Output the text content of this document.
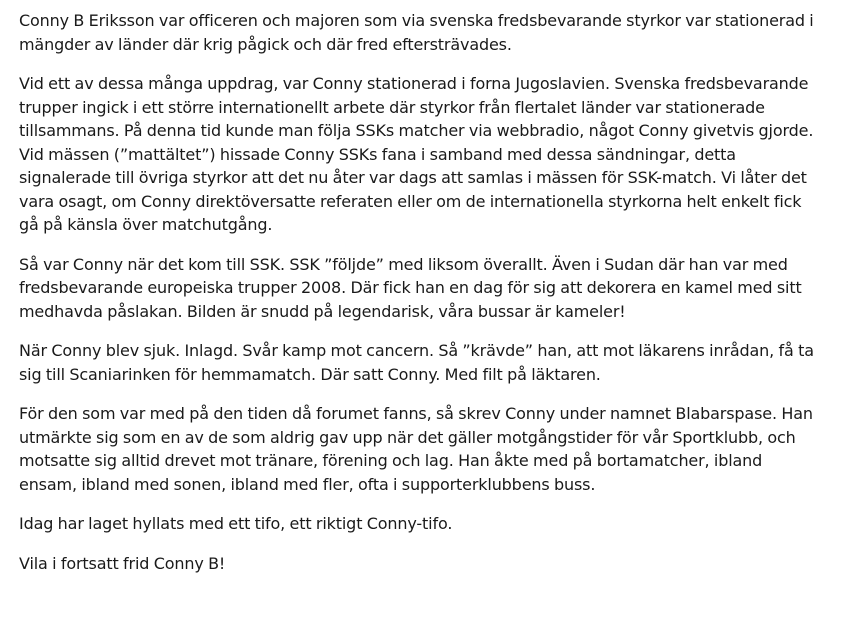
Conny B Eriksson var officeren och majoren som via svenska fredsbevarande styrkor var stationerad i
mängder av länder där krig pågick och där fred eftersträvades.

Vid ett av dessa många uppdrag, var Conny stationerad i forna Jugoslavien. Svenska fredsbevarande
trupper ingick i ett större internationellt arbete där styrkor från flertalet länder var stationerade
tillsammans. På denna tid kunde man följa SSKs matcher via webbradio, något Conny givetvis gjorde.
Vid mässen (”mattältet”) hissade Conny SSKs fana i samband med dessa sändningar, detta
signalerade till övriga styrkor att det nu åter var dags att samlas i mässen för SSK-match. Vi låter det
vara osagt, om Conny direktöversatte referaten eller om de internationella styrkorna helt enkelt fick
gå på känsla över matchutgång.

Så var Conny när det kom till SSK. SSK ”följde” med liksom överallt. Även i Sudan där han var med
fredsbevarande europeiska trupper 2008. Där fick han en dag för sig att dekorera en kamel med sitt
medhavda påslakan. Bilden är snudd på legendarisk, våra bussar är kameler!

När Conny blev sjuk. Inlagd. Svår kamp mot cancern. Så ”krävde” han, att mot läkarens inrådan, få ta
sig till Scaniarinken för hemmamatch. Där satt Conny. Med filt på läktaren.

För den som var med på den tiden då forumet fanns, så skrev Conny under namnet Blabarspase. Han
utmärkte sig som en av de som aldrig gav upp när det gäller motgångstider för vår Sportklubb, och
motsatte sig alltid drevet mot tränare, förening och lag. Han åkte med på bortamatcher, ibland
ensam, ibland med sonen, ibland med fler, ofta i supporterklubbens buss.

Idag har laget hyllats med ett tifo, ett riktigt Conny-tifo.

Vila i fortsatt frid Conny B!
